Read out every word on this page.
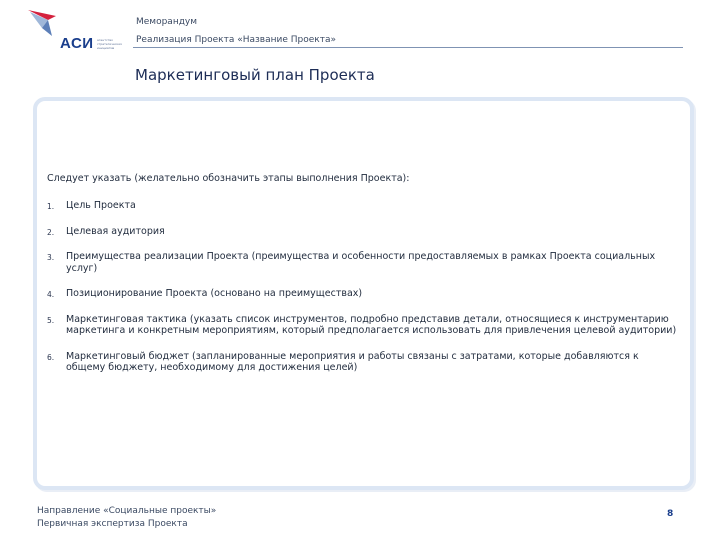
АСИ агентство стратегических инициатив
Меморандум
Реализация Проекта «Название Проекта»
Маркетинговый план Проекта
Следует указать (желательно обозначить этапы выполнения Проекта):
1. Цель Проекта
2. Целевая аудитория
3. Преимущества реализации Проекта (преимущества и особенности предоставляемых в рамках Проекта социальных услуг)
4. Позиционирование Проекта (основано на преимуществах)
5. Маркетинговая тактика (указать список инструментов, подробно представив детали, относящиеся к инструментарию маркетинга и конкретным мероприятиям, который предполагается использовать для привлечения целевой аудитории)
6. Маркетинговый бюджет (запланированные мероприятия и работы связаны с затратами, которые добавляются к общему бюджету, необходимому для достижения целей)
Направление «Социальные проекты»
Первичная экспертиза Проекта
8
